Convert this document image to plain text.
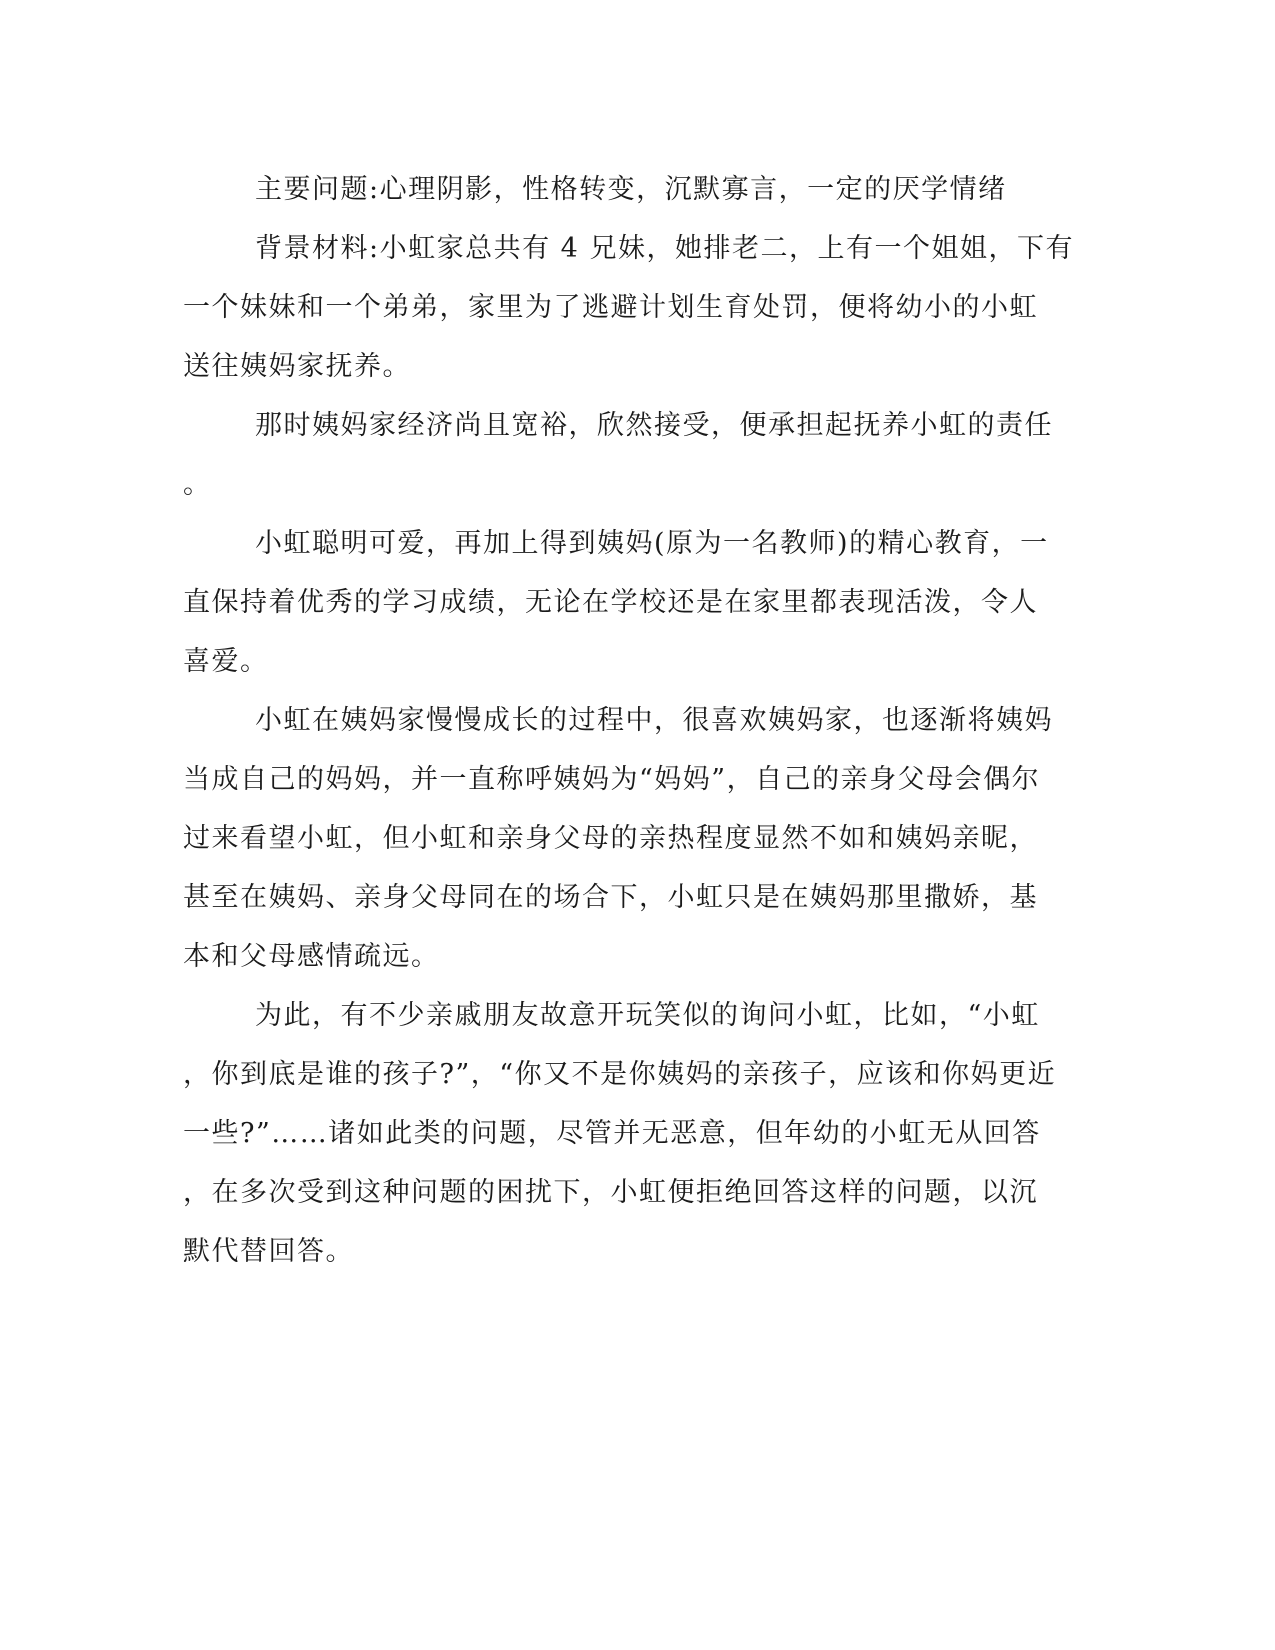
主要问题:心理阴影，性格转变，沉默寡言，一定的厌学情绪
背景材料:小虹家总共有 4 兄妹，她排老二，上有一个姐姐，下有
一个妹妹和一个弟弟，家里为了逃避计划生育处罚，便将幼小的小虹
送往姨妈家抚养。
那时姨妈家经济尚且宽裕，欣然接受，便承担起抚养小虹的责任
。
小虹聪明可爱，再加上得到姨妈(原为一名教师)的精心教育，一
直保持着优秀的学习成绩，无论在学校还是在家里都表现活泼，令人
喜爱。
小虹在姨妈家慢慢成长的过程中，很喜欢姨妈家，也逐渐将姨妈
当成自己的妈妈，并一直称呼姨妈为“妈妈”，自己的亲身父母会偶尔
过来看望小虹，但小虹和亲身父母的亲热程度显然不如和姨妈亲昵，
甚至在姨妈、亲身父母同在的场合下，小虹只是在姨妈那里撒娇，基
本和父母感情疏远。
为此，有不少亲戚朋友故意开玩笑似的询问小虹，比如，“小虹
，你到底是谁的孩子?”，“你又不是你姨妈的亲孩子，应该和你妈更近
一些?”……诸如此类的问题，尽管并无恶意，但年幼的小虹无从回答
，在多次受到这种问题的困扰下，小虹便拒绝回答这样的问题，以沉
默代替回答。
